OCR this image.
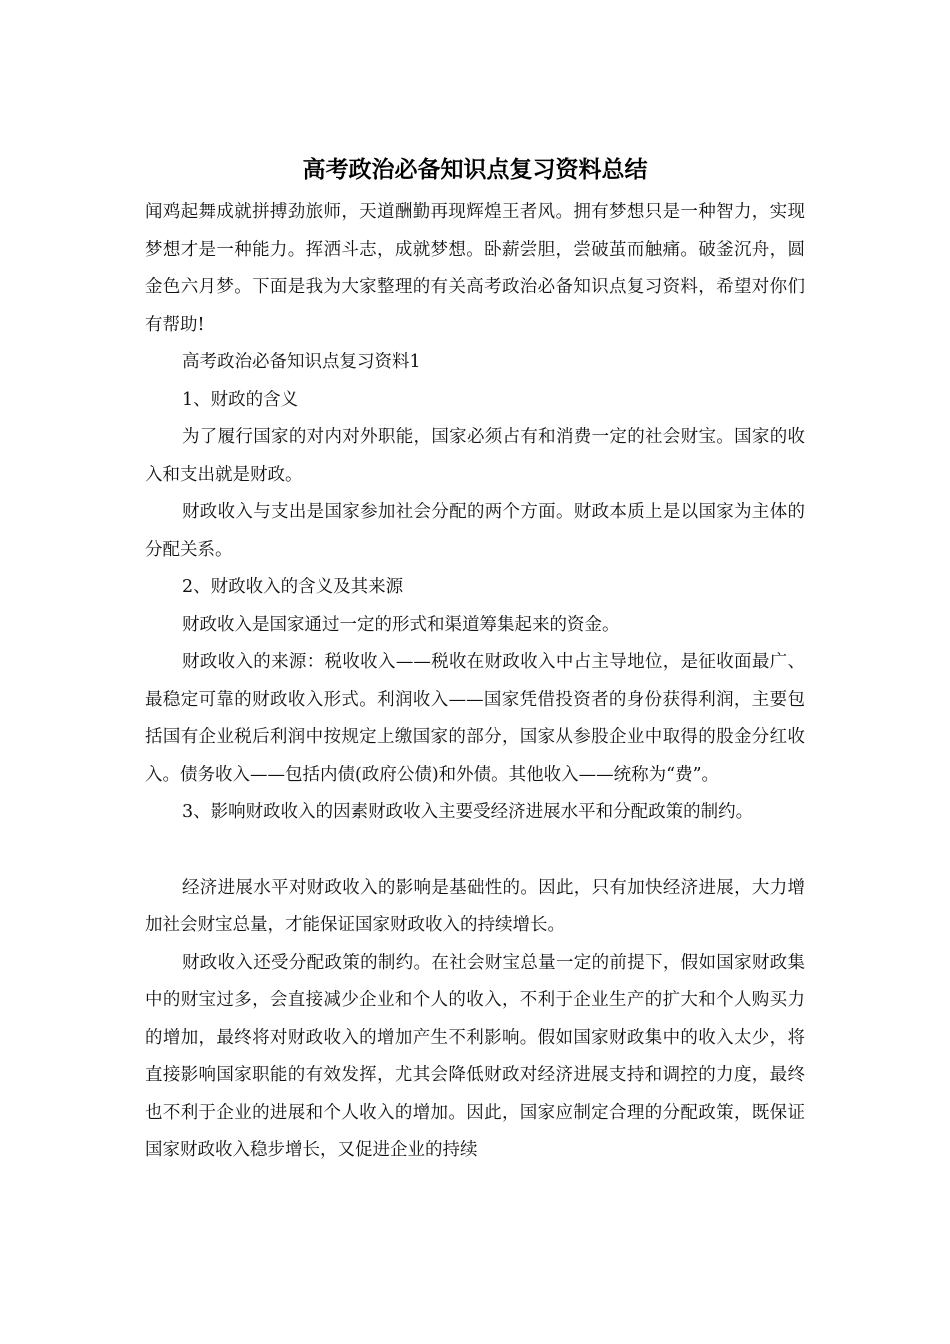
高考政治必备知识点复习资料总结

闻鸡起舞成就拼搏劲旅师，天道酬勤再现辉煌王者风。拥有梦想只是一种智力，实现梦想才是一种能力。挥洒斗志，成就梦想。卧薪尝胆，尝破茧而触痛。破釜沉舟，圆金色六月梦。下面是我为大家整理的有关高考政治必备知识点复习资料，希望对你们有帮助!

高考政治必备知识点复习资料1

1、财政的含义

为了履行国家的对内对外职能，国家必须占有和消费一定的社会财宝。国家的收入和支出就是财政。

财政收入与支出是国家参加社会分配的两个方面。财政本质上是以国家为主体的分配关系。

2、财政收入的含义及其来源

财政收入是国家通过一定的形式和渠道筹集起来的资金。

财政收入的来源：税收收入——税收在财政收入中占主导地位，是征收面最广、最稳定可靠的财政收入形式。利润收入——国家凭借投资者的身份获得利润，主要包括国有企业税后利润中按规定上缴国家的部分，国家从参股企业中取得的股金分红收入。债务收入——包括内债(政府公债)和外债。其他收入——统称为“费”。

3、影响财政收入的因素财政收入主要受经济进展水平和分配政策的制约。

经济进展水平对财政收入的影响是基础性的。因此，只有加快经济进展，大力增加社会财宝总量，才能保证国家财政收入的持续增长。

财政收入还受分配政策的制约。在社会财宝总量一定的前提下，假如国家财政集中的财宝过多，会直接减少企业和个人的收入，不利于企业生产的扩大和个人购买力的增加，最终将对财政收入的增加产生不利影响。假如国家财政集中的收入太少，将直接影响国家职能的有效发挥，尤其会降低财政对经济进展支持和调控的力度，最终也不利于企业的进展和个人收入的增加。因此，国家应制定合理的分配政策，既保证国家财政收入稳步增长，又促进企业的持续
